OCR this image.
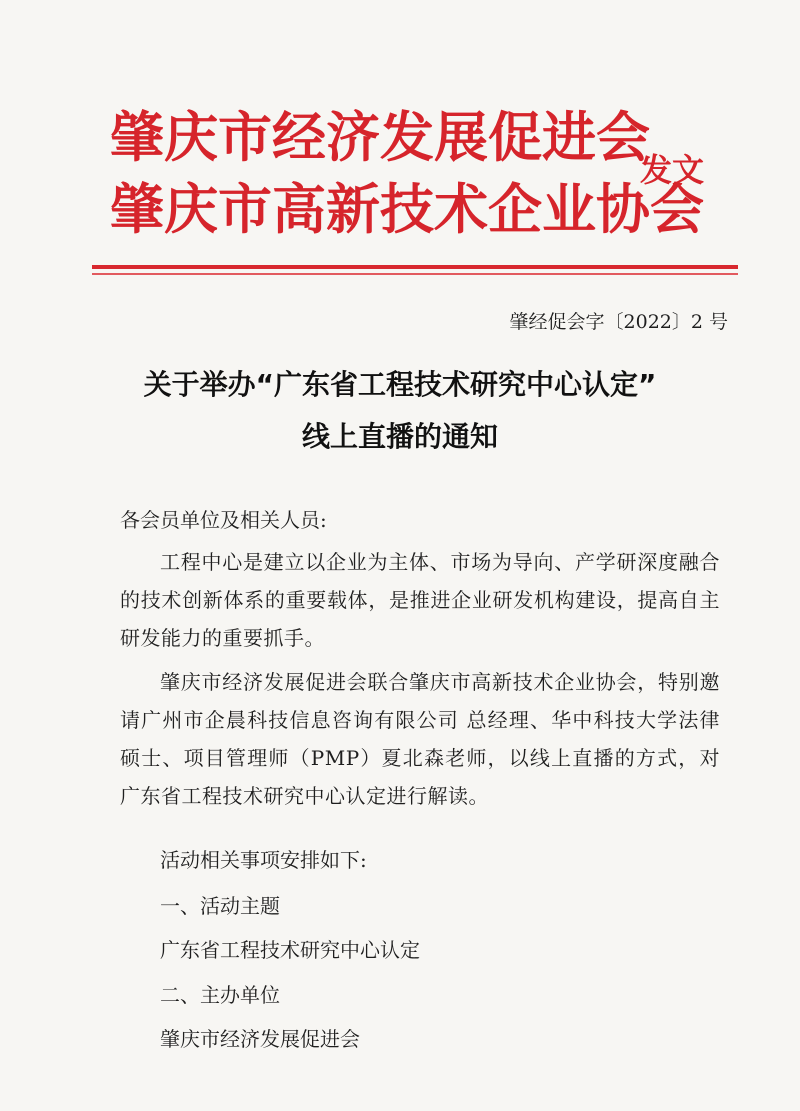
肇庆市经济发展促进会
肇庆市高新技术企业协会
发文
肇经促会字〔2022〕2 号
关于举办“广东省工程技术研究中心认定”
线上直播的通知
各会员单位及相关人员:

工程中心是建立以企业为主体、市场为导向、产学研深度融合的技术创新体系的重要载体，是推进企业研发机构建设，提高自主研发能力的重要抓手。

肇庆市经济发展促进会联合肇庆市高新技术企业协会，特别邀请广州市企晨科技信息咨询有限公司 总经理、华中科技大学法律硕士、项目管理师（PMP）夏北森老师，以线上直播的方式，对广东省工程技术研究中心认定进行解读。

活动相关事项安排如下:
一、活动主题
广东省工程技术研究中心认定
二、主办单位
肇庆市经济发展促进会
